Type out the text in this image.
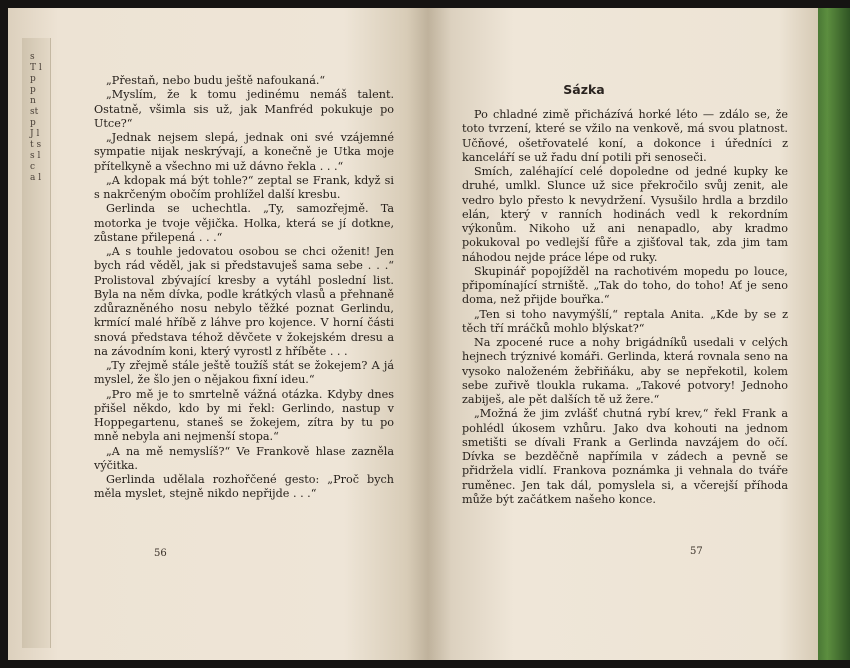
s T l p p n st p J l t s s l c a l

„Přestaň, nebo budu ještě nafoukaná.“

„Myslím, že k tomu jedinému nemáš talent. Ostatně, všimla sis už, jak Manfréd pokukuje po Utce?“

„Jednak nejsem slepá, jednak oni své vzájemné sympatie nijak neskrývají, a konečně je Utka moje přítelkyně a všechno mi už dávno řekla . . .“

„A kdopak má být tohle?“ zeptal se Frank, když si s nakrčeným obočím prohlížel další kresbu.

Gerlinda se uchechtla. „Ty, samozřejmě. Ta motorka je tvoje vějička. Holka, která se jí dotkne, zůstane přilepená . . .“

„A s touhle jedovatou osobou se chci oženit! Jen bych rád věděl, jak si představuješ sama sebe . . .“ Prolistoval zbývající kresby a vytáhl poslední list. Byla na něm dívka, podle krátkých vlasů a přehnaně zdůrazněného nosu nebylo těžké poznat Gerlindu, krmící malé hříbě z láhve pro kojence. V horní části snová představa téhož děvčete v žokejském dresu a na závodním koni, který vyrostl z hříběte . . .

„Ty zřejmě stále ještě toužíš stát se žokejem? A já myslel, že šlo jen o nějakou fixní ideu.“

„Pro mě je to smrtelně vážná otázka. Kdyby dnes přišel někdo, kdo by mi řekl: Gerlindo, nastup v Hoppegartenu, staneš se žokejem, zítra by tu po mně nebyla ani nejmenší stopa.“

„A na mě nemyslíš?“ Ve Frankově hlase zazněla výčitka.

Gerlinda udělala rozhořčené gesto: „Proč bych měla myslet, stejně nikdo nepřijde . . .“

56
Sázka

Po chladné zimě přicházívá horké léto — zdálo se, že toto tvrzení, které se vžilo na venkově, má svou platnost. Učňové, ošetřovatelé koní, a dokonce i úředníci z kanceláří se už řadu dní potili při senoseči.

Smích, zaléhající celé dopoledne od jedné kupky ke druhé, umlkl. Slunce už sice překročilo svůj zenit, ale vedro bylo přesto k nevydržení. Vysušilo hrdla a brzdilo elán, který v ranních hodinách vedl k rekordním výkonům. Nikoho už ani nenapadlo, aby kradmo pokukoval po vedlejší fůře a zjišťoval tak, zda jim tam náhodou nejde práce lépe od ruky.

Skupinář popojížděl na rachotivém mopedu po louce, připomínající strniště. „Tak do toho, do toho! Ať je seno doma, než přijde bouřka.“

„Ten si toho navymýšlí,“ reptala Anita. „Kde by se z těch tří mráčků mohlo blýskat?“

Na zpocené ruce a nohy brigádníků usedali v celých hejnech trýznivé komáři. Gerlinda, která rovnala seno na vysoko naloženém žebřiňáku, aby se nepřekotil, kolem sebe zuřivě tloukla rukama. „Takové potvory! Jednoho zabiješ, ale pět dalších tě už žere.“

„Možná že jim zvlášť chutná rybí krev,“ řekl Frank a pohlédl úkosem vzhůru. Jako dva kohouti na jednom smetišti se dívali Frank a Gerlinda navzájem do očí. Dívka se bezděčně napřímila v zádech a pevně se přidržela vidlí. Frankova poznámka ji vehnala do tváře ruměnec. Jen tak dál, pomyslela si, a včerejší příhoda může být začátkem našeho konce.

57
